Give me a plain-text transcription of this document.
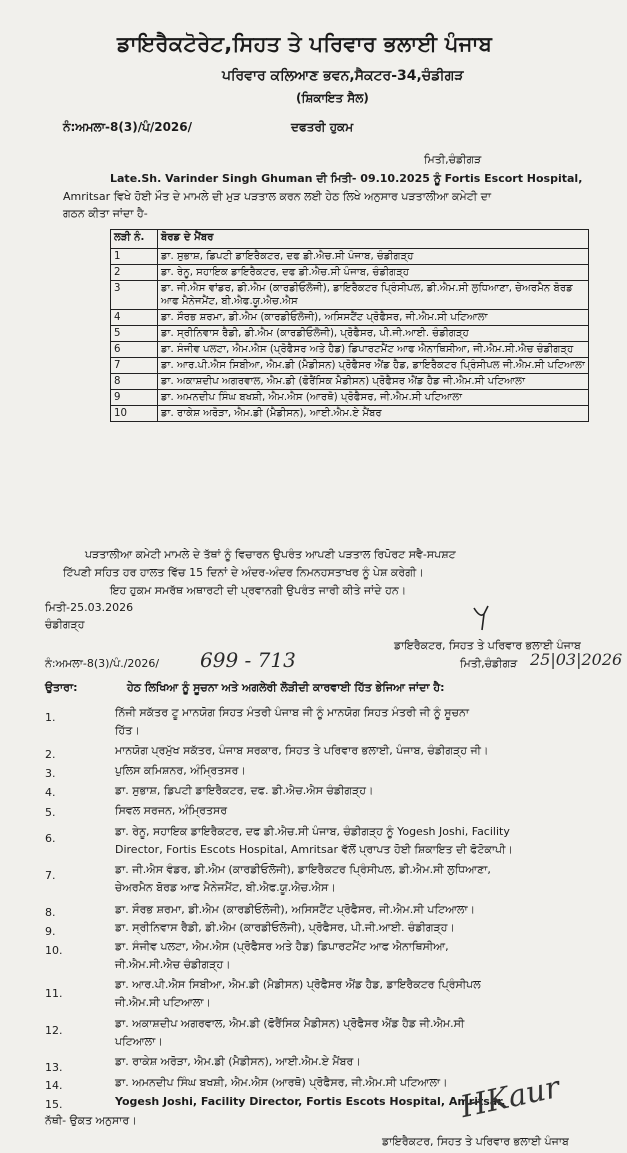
ਡਾਇਰੈਕਟੋਰੇਟ,ਸਿਹਤ ਤੇ ਪਰਿਵਾਰ ਭਲਾਈ ਪੰਜਾਬ
ਪਰਿਵਾਰ ਕਲਿਆਣ ਭਵਨ,ਸੈਕਟਰ-34,ਚੰਡੀਗੜ
(ਸ਼ਿਕਾਇਤ ਸੈਲ)
ਨੰ:ਅਮਲਾ-8(3)/ਪੰ/2026/	ਦਫਤਰੀ ਹੁਕਮ
ਮਿਤੀ,ਚੰਡੀਗੜ
Late.Sh. Varinder Singh Ghuman ਦੀ ਮਿਤੀ- 09.10.2025 ਨੂੰ Fortis Escort Hospital,
Amritsar ਵਿਖੇ ਹੋਈ ਮੌਤ ਦੇ ਮਾਮਲੇ ਦੀ ਮੁੜ ਪੜਤਾਲ ਕਰਨ ਲਈ ਹੇਠ ਲਿਖੇ ਅਨੁਸਾਰ ਪੜਤਾਲੀਆ ਕਮੇਟੀ ਦਾ
ਗਠਨ ਕੀਤਾ ਜਾਂਦਾ ਹੈ-
ਲੜੀ ਨੰ.	ਬੋਰਡ ਦੇ ਮੈਂਬਰ
1	ਡਾ. ਸੁਭਾਸ਼, ਡਿਪਟੀ ਡਾਇਰੈਕਟਰ, ਦਫ ਡੀ.ਐਚ.ਸੀ ਪੰਜਾਬ, ਚੰਡੀਗੜ੍ਹ
2	ਡਾ. ਰੇਨੂ, ਸਹਾਇਕ ਡਾਇਰੈਕਟਰ, ਦਫ ਡੀ.ਐਚ.ਸੀ ਪੰਜਾਬ, ਚੰਡੀਗੜ੍ਹ
3	ਡਾ. ਜੀ.ਐਸ ਵਾਂਡਰ, ਡੀ.ਐਮ (ਕਾਰਡੀਓਲੋਜੀ), ਡਾਇਰੈਕਟਰ ਪ੍ਰਿੰਸੀਪਲ, ਡੀ.ਐਮ.ਸੀ ਲੁਧਿਆਣਾ, ਚੇਅਰਮੈਨ ਬੋਰਡ ਆਫ ਮੈਨੇਜਮੈਂਟ, ਬੀ.ਐਫ.ਯੂ.ਐਚ.ਐਸ
4	ਡਾ. ਸੌਰਭ ਸ਼ਰਮਾ, ਡੀ.ਐਮ (ਕਾਰਡੀਓਲੋਜੀ), ਅਸਿਸਟੈਂਟ ਪ੍ਰੋਫੈਸਰ, ਜੀ.ਐਮ.ਸੀ ਪਟਿਆਲਾ
5	ਡਾ. ਸ੍ਰੀਨਿਵਾਸ ਰੈਡੀ, ਡੀ.ਐਮ (ਕਾਰਡੀਓਲੋਜੀ), ਪ੍ਰੋਫੈਸਰ, ਪੀ.ਜੀ.ਆਈ. ਚੰਡੀਗੜ੍ਹ
6	ਡਾ. ਸੰਜੀਵ ਪਲਟਾ, ਐਮ.ਐਸ (ਪ੍ਰੋਫੈਸਰ ਅਤੇ ਹੈਡ) ਡਿਪਾਰਟਮੈਂਟ ਆਫ ਐਨਾਥਿਸੀਆ, ਜੀ.ਐਮ.ਸੀ.ਐਚ ਚੰਡੀਗੜ੍ਹ
7	ਡਾ. ਆਰ.ਪੀ.ਐਸ ਸਿਬੀਆ, ਐਮ.ਡੀ (ਮੈਡੀਸਨ) ਪ੍ਰੋਫੈਸਰ ਐਂਡ ਹੈਡ, ਡਾਇਰੈਕਟਰ ਪ੍ਰਿੰਸੀਪਲ ਜੀ.ਐਮ.ਸੀ ਪਟਿਆਲਾ
8	ਡਾ. ਅਕਾਸ਼ਦੀਪ ਅਗਰਵਾਲ, ਐਮ.ਡੀ (ਫੋਰੈਂਸਿਕ ਮੈਡੀਸਨ) ਪ੍ਰੋਫੈਸਰ ਐਂਡ ਹੈਡ ਜੀ.ਐਮ.ਸੀ ਪਟਿਆਲਾ
9	ਡਾ. ਅਮਨਦੀਪ ਸਿੰਘ ਬਖਸ਼ੀ, ਐਮ.ਐਸ (ਆਰਥੋ) ਪ੍ਰੋਫੈਸਰ, ਜੀ.ਐਮ.ਸੀ ਪਟਿਆਲਾ
10	ਡਾ. ਰਾਕੇਸ਼ ਅਰੋੜਾ, ਐਮ.ਡੀ (ਮੈਡੀਸਨ), ਆਈ.ਐਮ.ਏ ਮੈਂਬਰ
ਪੜਤਾਲੀਆ ਕਮੇਟੀ ਮਾਮਲੇ ਦੇ ਤੱਥਾਂ ਨੂੰ ਵਿਚਾਰਨ ਉਪਰੰਤ ਆਪਣੀ ਪੜਤਾਲ ਰਿਪੋਰਟ ਸਵੈ-ਸਪਸ਼ਟ
ਟਿੱਪਣੀ ਸਹਿਤ ਹਰ ਹਾਲਤ ਵਿੱਚ 15 ਦਿਨਾਂ ਦੇ ਅੰਦਰ-ਅੰਦਰ ਨਿਮਨਹਸਤਾਖਰ ਨੂੰ ਪੇਸ਼ ਕਰੇਗੀ।
ਇਹ ਹੁਕਮ ਸਮਰੱਥ ਅਥਾਰਟੀ ਦੀ ਪ੍ਰਵਾਨਗੀ ਉਪਰੰਤ ਜਾਰੀ ਕੀਤੇ ਜਾਂਦੇ ਹਨ।
ਮਿਤੀ-25.03.2026
ਚੰਡੀਗੜ੍ਹ
ਡਾਇਰੈਕਟਰ, ਸਿਹਤ ਤੇ ਪਰਿਵਾਰ ਭਲਾਈ ਪੰਜਾਬ
ਨੰ:ਅਮਲਾ-8(3)/ਪੰ./2026/ 699 - 713	ਮਿਤੀ,ਚੰਡੀਗੜ 25|03|2026
ਉਤਾਰਾ:	ਹੇਠ ਲਿਖਿਆ ਨੂੰ ਸੂਚਨਾ ਅਤੇ ਅਗਲੇਰੀ ਲੋੜੀਦੀ ਕਾਰਵਾਈ ਹਿੱਤ ਭੇਜਿਆ ਜਾਂਦਾ ਹੈ:
1.	ਨਿੱਜੀ ਸਕੱਤਰ ਟੂ ਮਾਨਯੋਗ ਸਿਹਤ ਮੰਤਰੀ ਪੰਜਾਬ ਜੀ ਨੂੰ ਮਾਨਯੋਗ ਸਿਹਤ ਮੰਤਰੀ ਜੀ ਨੂੰ ਸੂਚਨਾ
ਹਿੱਤ।
2.	ਮਾਨਯੋਗ ਪ੍ਰਮੁੱਖ ਸਕੱਤਰ, ਪੰਜਾਬ ਸਰਕਾਰ, ਸਿਹਤ ਤੇ ਪਰਿਵਾਰ ਭਲਾਈ, ਪੰਜਾਬ, ਚੰਡੀਗੜ੍ਹ ਜੀ।
3.	ਪੁਲਿਸ ਕਮਿਸ਼ਨਰ, ਅੰਮ੍ਰਿਤਸਰ।
4.	ਡਾ. ਸੁਭਾਸ਼, ਡਿਪਟੀ ਡਾਇਰੈਕਟਰ, ਦਫ. ਡੀ.ਐਚ.ਐਸ ਚੰਡੀਗੜ੍ਹ।
5.	ਸਿਵਲ ਸਰਜਨ, ਅੰਮ੍ਰਿਤਸਰ
6.
ਡਾ. ਰੇਨੂ, ਸਹਾਇਕ ਡਾਇਰੈਕਟਰ, ਦਫ ਡੀ.ਐਚ.ਸੀ ਪੰਜਾਬ, ਚੰਡੀਗੜ੍ਹ ਨੂੰ Yogesh Joshi, Facility
Director, Fortis Escots Hospital, Amritsar ਵੱਲੋਂ ਪ੍ਰਾਪਤ ਹੋਈ ਸ਼ਿਕਾਇਤ ਦੀ ਫੋਟੋਕਾਪੀ।
7.	ਡਾ. ਜੀ.ਐਸ ਵੰਡਰ, ਡੀ.ਐਮ (ਕਾਰਡੀਓਲੋਜੀ), ਡਾਇਰੈਕਟਰ ਪ੍ਰਿੰਸੀਪਲ, ਡੀ.ਐਮ.ਸੀ ਲੁਧਿਆਣਾ,
ਚੇਅਰਮੈਨ ਬੋਰਡ ਆਫ ਮੈਨੇਜਮੈਂਟ, ਬੀ.ਐਫ.ਯੂ.ਐਚ.ਐਸ।
8.	ਡਾ. ਸੌਰਭ ਸ਼ਰਮਾ, ਡੀ.ਐਮ (ਕਾਰਡੀਓਲੋਜੀ), ਅਸਿਸਟੈਂਟ ਪ੍ਰੋਫੈਸਰ, ਜੀ.ਐਮ.ਸੀ ਪਟਿਆਲਾ।
9.	ਡਾ. ਸ੍ਰੀਨਿਵਾਸ ਰੈਡੀ, ਡੀ.ਐਮ (ਕਾਰਡੀਓਲੋਜੀ), ਪ੍ਰੋਫੈਸਰ, ਪੀ.ਜੀ.ਆਈ. ਚੰਡੀਗੜ੍ਹ।
10.	ਡਾ. ਸੰਜੀਵ ਪਲਟਾ, ਐਮ.ਐਸ (ਪ੍ਰੋਫੈਸਰ ਅਤੇ ਹੈਡ) ਡਿਪਾਰਟਮੈਂਟ ਆਫ ਐਨਾਥਿਸੀਆ,
ਜੀ.ਐਮ.ਸੀ.ਐਚ ਚੰਡੀਗੜ੍ਹ।
11.
ਡਾ. ਆਰ.ਪੀ.ਐਸ ਸਿਬੀਆ, ਐਮ.ਡੀ (ਮੈਡੀਸਨ) ਪ੍ਰੋਫੈਸਰ ਐਂਡ ਹੈਡ, ਡਾਇਰੈਕਟਰ ਪ੍ਰਿੰਸੀਪਲ
ਜੀ.ਐਮ.ਸੀ ਪਟਿਆਲਾ।
12.
ਡਾ. ਅਕਾਸ਼ਦੀਪ ਅਗਰਵਾਲ, ਐਮ.ਡੀ (ਫੋਰੈਂਸਿਕ ਮੈਡੀਸਨ) ਪ੍ਰੋਫੈਸਰ ਐਂਡ ਹੈਡ ਜੀ.ਐਮ.ਸੀ
ਪਟਿਆਲਾ।
13.	ਡਾ. ਰਾਕੇਸ਼ ਅਰੋੜਾ, ਐਮ.ਡੀ (ਮੈਡੀਸਨ), ਆਈ.ਐਮ.ਏ ਮੈਂਬਰ।
14.	ਡਾ. ਅਮਨਦੀਪ ਸਿੰਘ ਬਖਸ਼ੀ, ਐਮ.ਐਸ (ਆਰਥੋ) ਪ੍ਰੋਫੈਸਰ, ਜੀ.ਐਮ.ਸੀ ਪਟਿਆਲਾ।
15.	Yogesh Joshi, Facility Director, Fortis Escots Hospital, Amritsar.
ਨੱਥੀ- ਉਕਤ ਅਨੁਸਾਰ।	HKaur
ਡਾਇਰੈਕਟਰ, ਸਿਹਤ ਤੇ ਪਰਿਵਾਰ ਭਲਾਈ ਪੰਜਾਬ
